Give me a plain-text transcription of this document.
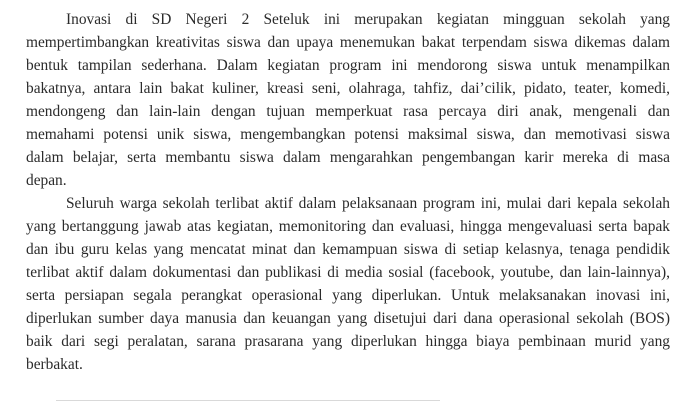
Inovasi di SD Negeri 2 Seteluk ini merupakan kegiatan mingguan sekolah yang
mempertimbangkan kreativitas siswa dan upaya menemukan bakat terpendam siswa dikemas dalam
bentuk tampilan sederhana. Dalam kegiatan program ini mendorong siswa untuk menampilkan
bakatnya, antara lain bakat kuliner, kreasi seni, olahraga, tahfiz, dai’cilik, pidato, teater, komedi,
mendongeng dan lain-lain dengan tujuan memperkuat rasa percaya diri anak, mengenali dan
memahami potensi unik siswa, mengembangkan potensi maksimal siswa, dan memotivasi siswa
dalam belajar, serta membantu siswa dalam mengarahkan pengembangan karir mereka di masa
depan.
Seluruh warga sekolah terlibat aktif dalam pelaksanaan program ini, mulai dari kepala sekolah
yang bertanggung jawab atas kegiatan, memonitoring dan evaluasi, hingga mengevaluasi serta bapak
dan ibu guru kelas yang mencatat minat dan kemampuan siswa di setiap kelasnya, tenaga pendidik
terlibat aktif dalam dokumentasi dan publikasi di media sosial (facebook, youtube, dan lain-lainnya),
serta persiapan segala perangkat operasional yang diperlukan. Untuk melaksanakan inovasi ini,
diperlukan sumber daya manusia dan keuangan yang disetujui dari dana operasional sekolah (BOS)
baik dari segi peralatan, sarana prasarana yang diperlukan hingga biaya pembinaan murid yang
berbakat.
